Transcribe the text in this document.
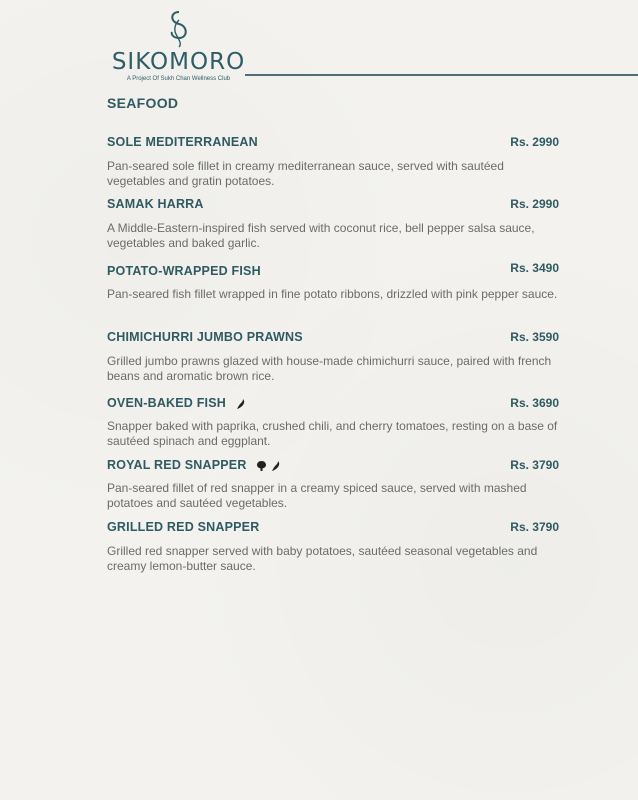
SIKOMORO
A Project Of Sukh Chan Wellness Club
SEAFOOD
SOLE MEDITERRANEAN	Rs. 2990
Pan-seared sole fillet in creamy mediterranean sauce, served with sautéed vegetables and gratin potatoes.
SAMAK HARRA	Rs. 2990
A Middle-Eastern-inspired fish served with coconut rice, bell pepper salsa sauce, vegetables and baked garlic.
POTATO-WRAPPED FISH	Rs. 3490
Pan-seared fish fillet wrapped in fine potato ribbons, drizzled with pink pepper sauce.
CHIMICHURRI JUMBO PRAWNS	Rs. 3590
Grilled jumbo prawns glazed with house-made chimichurri sauce, paired with french beans and aromatic brown rice.
OVEN-BAKED FISH	Rs. 3690
Snapper baked with paprika, crushed chili, and cherry tomatoes, resting on a base of sautéed spinach and eggplant.
ROYAL RED SNAPPER	Rs. 3790
Pan-seared fillet of red snapper in a creamy spiced sauce, served with mashed potatoes and sautéed vegetables.
GRILLED RED SNAPPER	Rs. 3790
Grilled red snapper served with baby potatoes, sautéed seasonal vegetables and creamy lemon-butter sauce.
